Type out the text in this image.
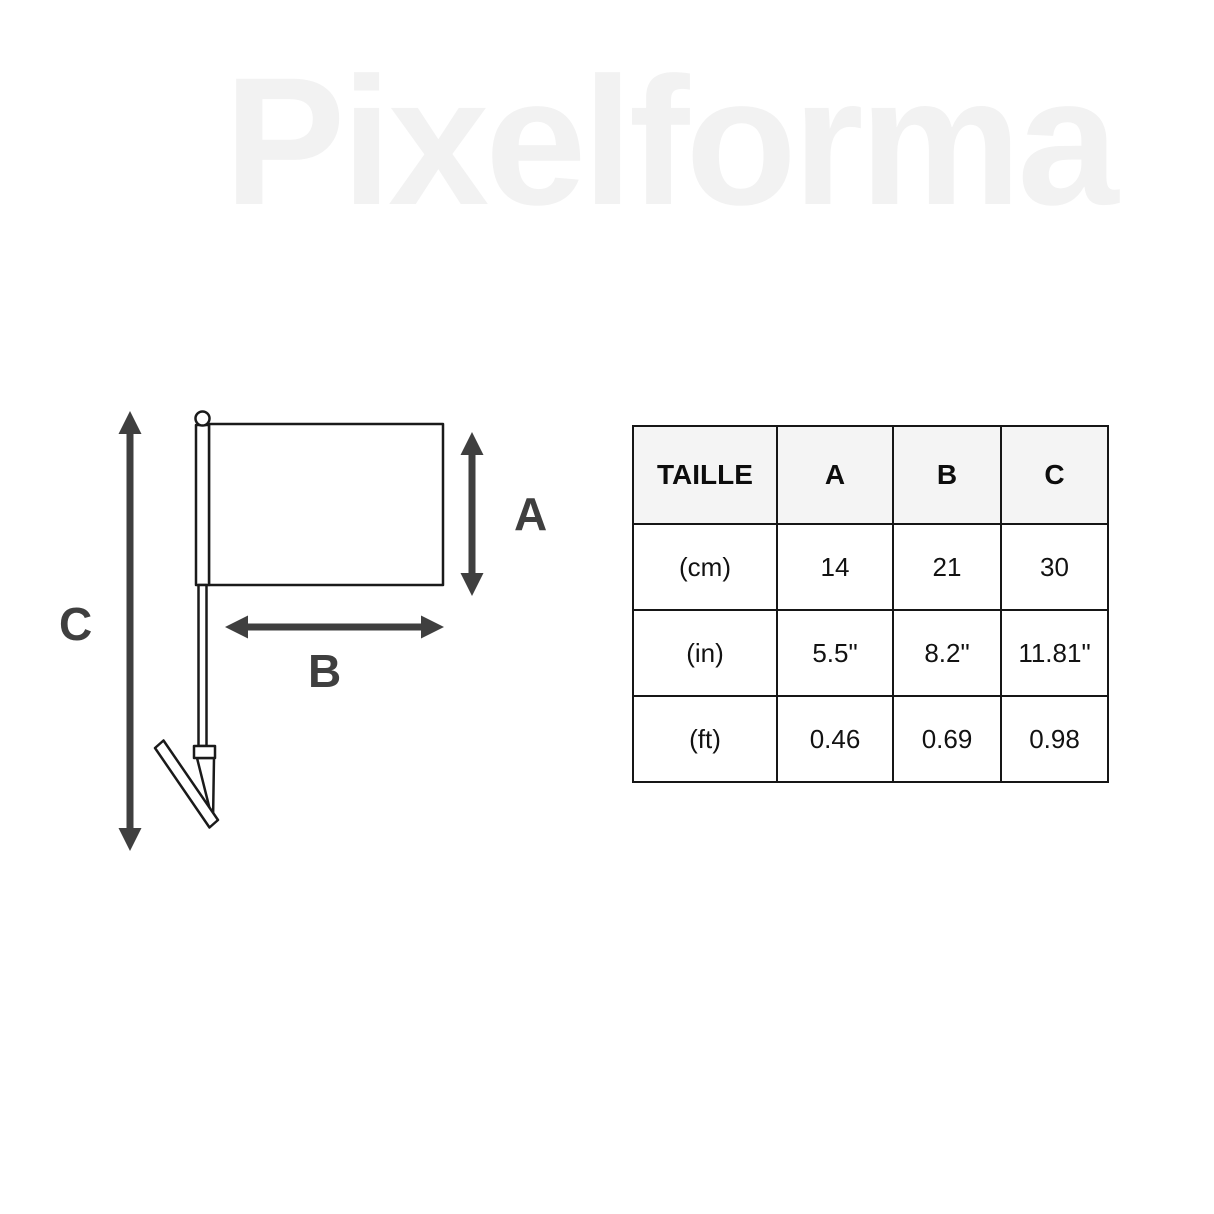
Pixelforma
A
B
C
TAILLE	A	B	C
(cm)	14	21	30
(in)	5.5"	8.2"	11.81"
(ft)	0.46	0.69	0.98
